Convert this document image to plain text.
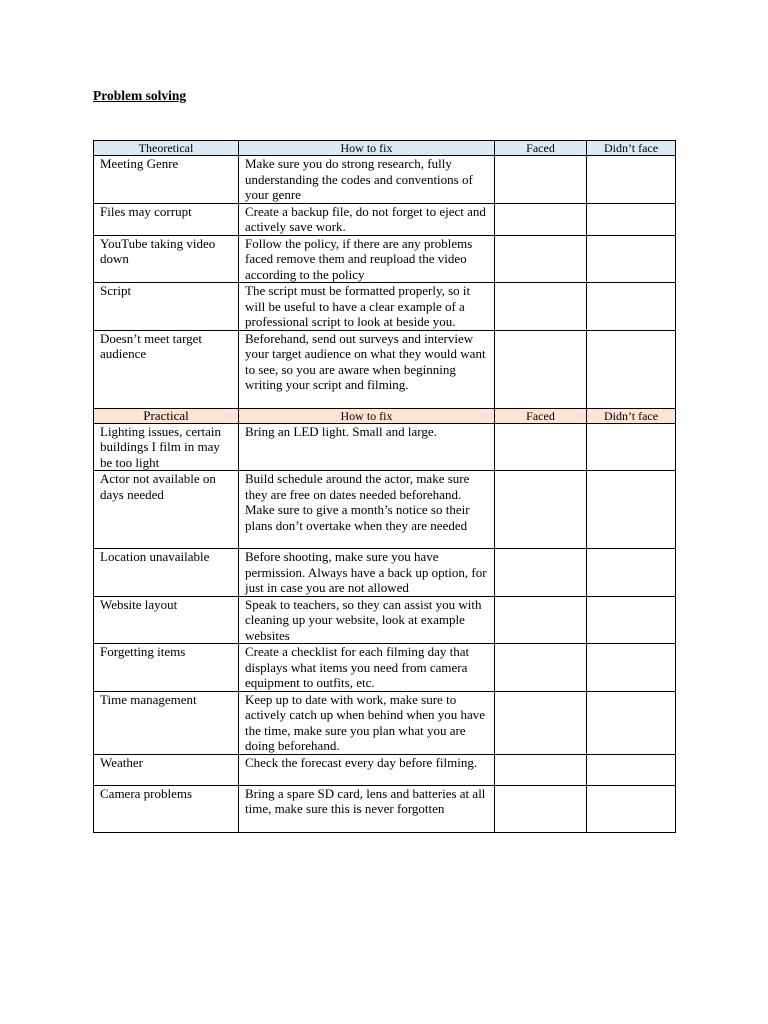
Problem solving
Theoretical	How to fix	Faced	Didn’t face
Meeting Genre	Make sure you do strong research, fully understanding the codes and conventions of your genre		
Files may corrupt	Create a backup file, do not forget to eject and actively save work.		
YouTube taking video down	Follow the policy, if there are any problems faced remove them and reupload the video according to the policy		
Script	The script must be formatted properly, so it will be useful to have a clear example of a professional script to look at beside you.		
Doesn’t meet target audience	Beforehand, send out surveys and interview your target audience on what they would want to see, so you are aware when beginning writing your script and filming.		
Practical	How to fix	Faced	Didn’t face
Lighting issues, certain buildings I film in may be too light	Bring an LED light. Small and large.		
Actor not available on days needed	Build schedule around the actor, make sure they are free on dates needed beforehand. Make sure to give a month’s notice so their plans don’t overtake when they are needed		
Location unavailable	Before shooting, make sure you have permission. Always have a back up option, for just in case you are not allowed		
Website layout	Speak to teachers, so they can assist you with cleaning up your website, look at example websites		
Forgetting items	Create a checklist for each filming day that displays what items you need from camera equipment to outfits, etc.		
Time management	Keep up to date with work, make sure to actively catch up when behind when you have the time, make sure you plan what you are doing beforehand.		
Weather	Check the forecast every day before filming.		
Camera problems	Bring a spare SD card, lens and batteries at all time, make sure this is never forgotten		
